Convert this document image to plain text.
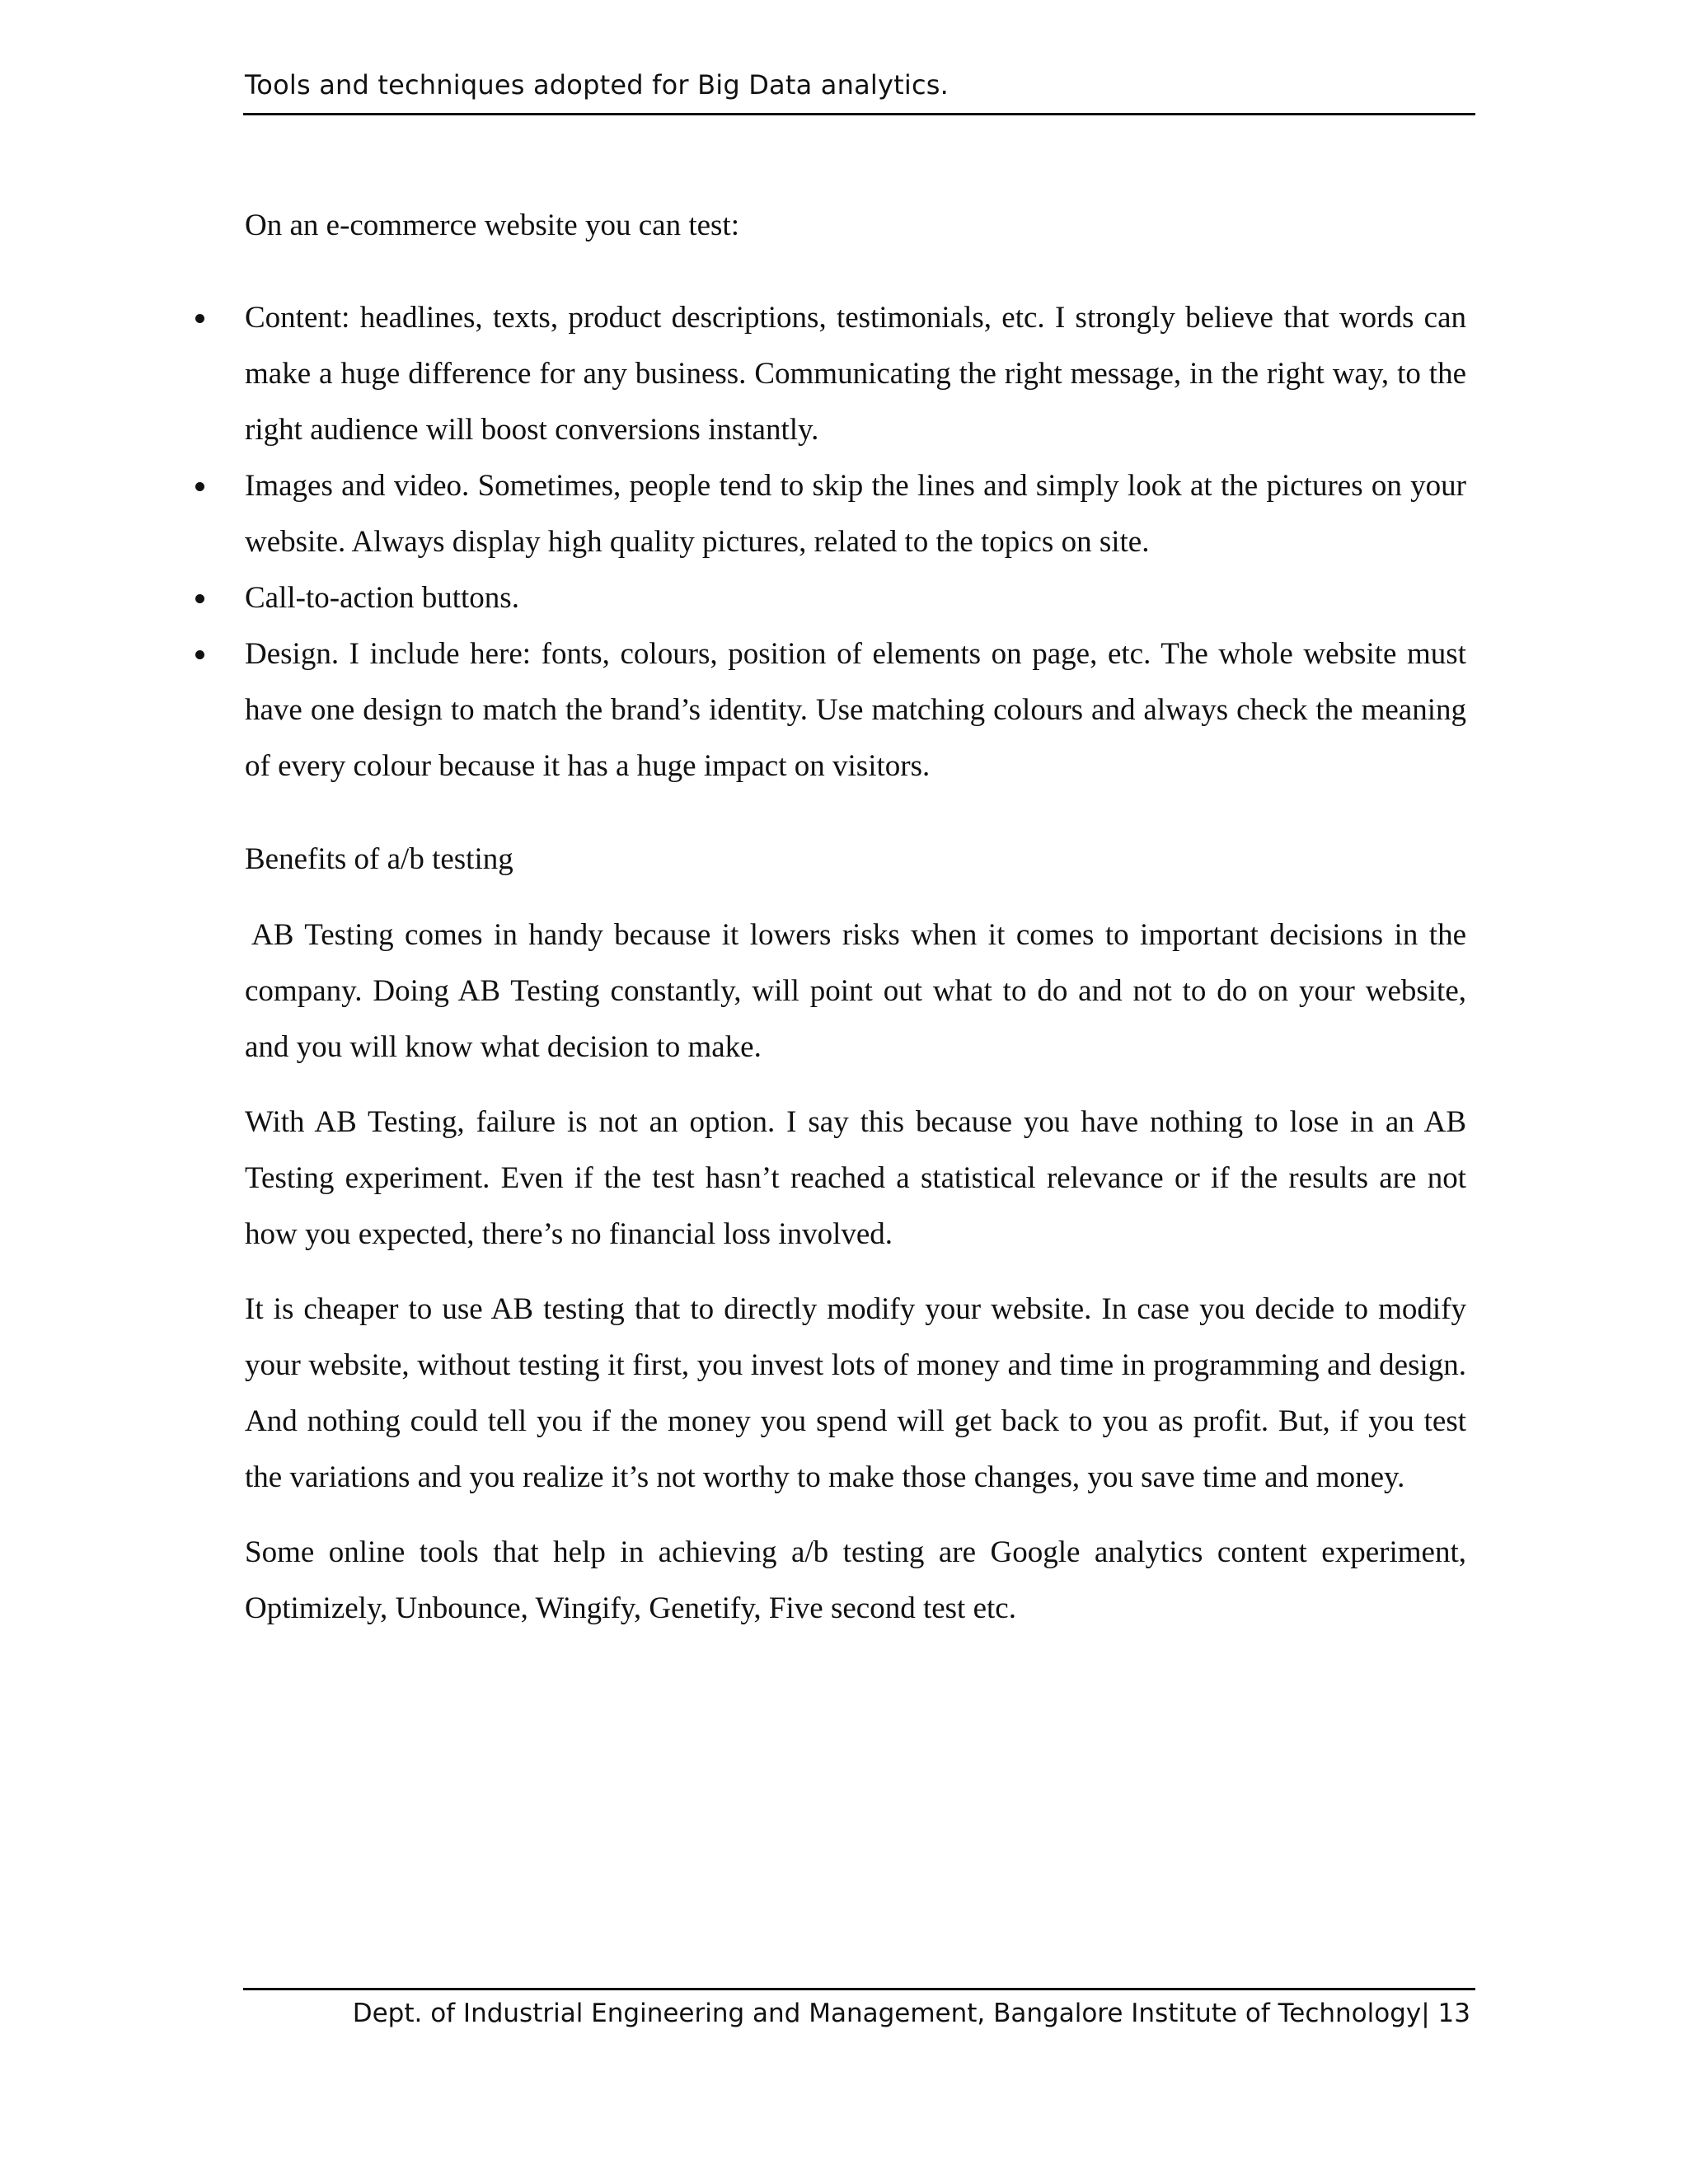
Tools and techniques adopted for Big Data analytics.

On an e-commerce website you can test:

Content: headlines, texts, product descriptions, testimonials, etc. I strongly believe that words can make a huge difference for any business. Communicating the right message, in the right way, to the right audience will boost conversions instantly.
Images and video. Sometimes, people tend to skip the lines and simply look at the pictures on your website. Always display high quality pictures, related to the topics on site.
Call-to-action buttons.
Design. I include here: fonts, colours, position of elements on page, etc. The whole website must have one design to match the brand’s identity. Use matching colours and always check the meaning of every colour because it has a huge impact on visitors.

Benefits of a/b testing

AB Testing comes in handy because it lowers risks when it comes to important decisions in the company. Doing AB Testing constantly, will point out what to do and not to do on your website, and you will know what decision to make.

With AB Testing, failure is not an option. I say this because you have nothing to lose in an AB Testing experiment. Even if the test hasn’t reached a statistical relevance or if the results are not how you expected, there’s no financial loss involved.

It is cheaper to use AB testing that to directly modify your website. In case you decide to modify your website, without testing it first, you invest lots of money and time in programming and design. And nothing could tell you if the money you spend will get back to you as profit. But, if you test the variations and you realize it’s not worthy to make those changes, you save time and money.

Some online tools that help in achieving a/b testing are Google analytics content experiment, Optimizely, Unbounce, Wingify, Genetify, Five second test etc.

Dept. of Industrial Engineering and Management, Bangalore Institute of Technology| 13
